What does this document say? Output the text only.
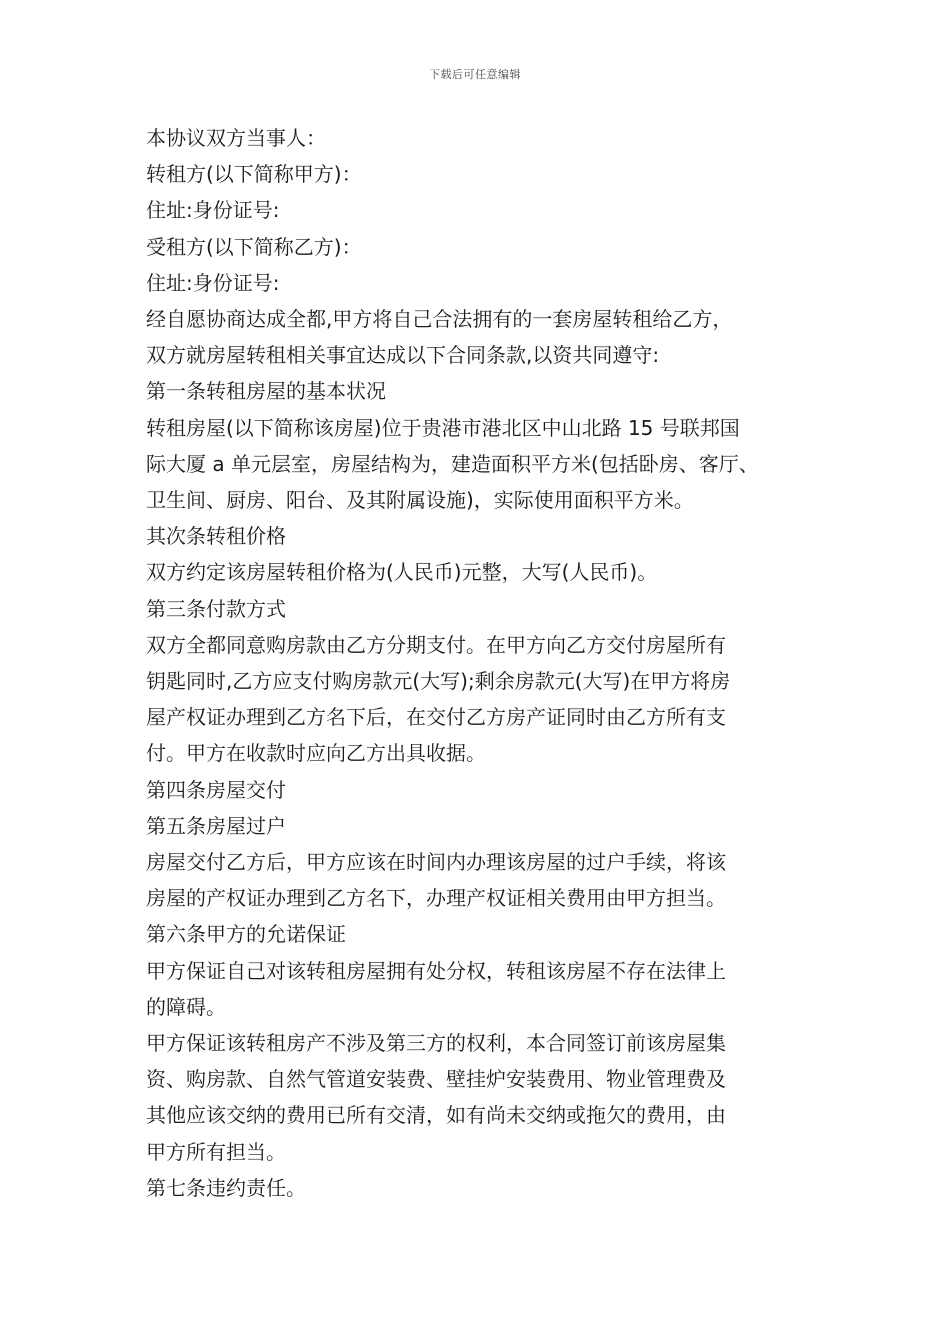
下载后可任意编辑

本协议双方当事人：

转租方(以下简称甲方)：

住址:身份证号:

受租方(以下简称乙方)：

住址:身份证号:

经自愿协商达成全都,甲方将自己合法拥有的一套房屋转租给乙方，

双方就房屋转租相关事宜达成以下合同条款,以资共同遵守:

第一条转租房屋的基本状况

转租房屋(以下简称该房屋)位于贵港市港北区中山北路 15 号联邦国

际大厦 a 单元层室，房屋结构为，建造面积平方米(包括卧房、客厅、

卫生间、厨房、阳台、及其附属设施)，实际使用面积平方米。

其次条转租价格

双方约定该房屋转租价格为(人民币)元整，大写(人民币)。

第三条付款方式

双方全都同意购房款由乙方分期支付。在甲方向乙方交付房屋所有

钥匙同时,乙方应支付购房款元(大写);剩余房款元(大写)在甲方将房

屋产权证办理到乙方名下后，在交付乙方房产证同时由乙方所有支

付。甲方在收款时应向乙方出具收据。

第四条房屋交付

第五条房屋过户

房屋交付乙方后，甲方应该在时间内办理该房屋的过户手续，将该

房屋的产权证办理到乙方名下，办理产权证相关费用由甲方担当。

第六条甲方的允诺保证

甲方保证自己对该转租房屋拥有处分权，转租该房屋不存在法律上

的障碍。

甲方保证该转租房产不涉及第三方的权利，本合同签订前该房屋集

资、购房款、自然气管道安装费、壁挂炉安装费用、物业管理费及

其他应该交纳的费用已所有交清，如有尚未交纳或拖欠的费用，由

甲方所有担当。

第七条违约责任。
